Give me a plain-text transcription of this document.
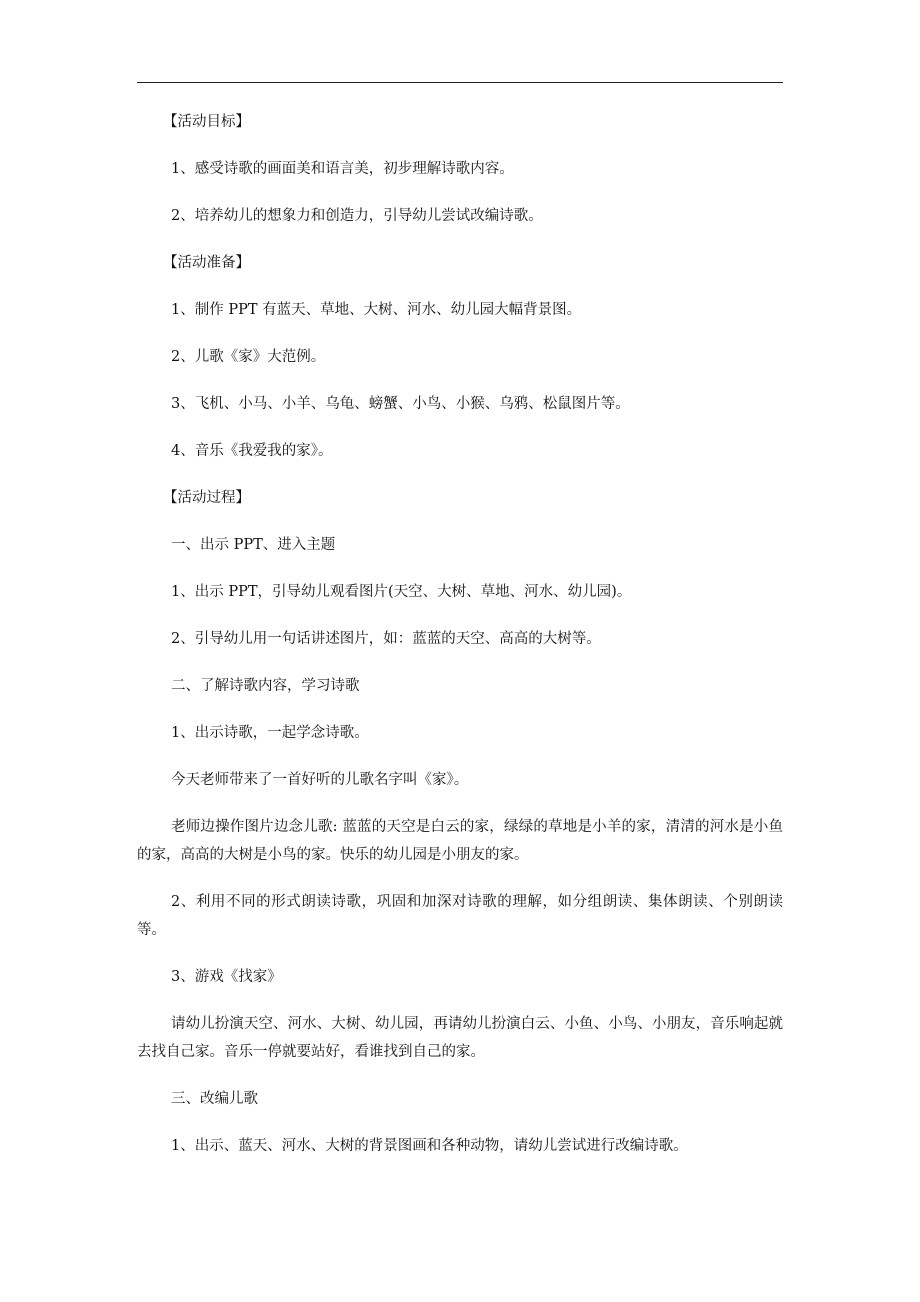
【活动目标】
1、感受诗歌的画面美和语言美，初步理解诗歌内容。
2、培养幼儿的想象力和创造力，引导幼儿尝试改编诗歌。
【活动准备】
1、制作 PPT 有蓝天、草地、大树、河水、幼儿园大幅背景图。
2、儿歌《家》大范例。
3、飞机、小马、小羊、乌龟、螃蟹、小鸟、小猴、乌鸦、松鼠图片等。
4、音乐《我爱我的家》。
【活动过程】
一、出示 PPT、进入主题
1、出示 PPT，引导幼儿观看图片(天空、大树、草地、河水、幼儿园)。
2、引导幼儿用一句话讲述图片，如：蓝蓝的天空、高高的大树等。
二、了解诗歌内容，学习诗歌
1、出示诗歌，一起学念诗歌。
今天老师带来了一首好听的儿歌名字叫《家》。
老师边操作图片边念儿歌: 蓝蓝的天空是白云的家，绿绿的草地是小羊的家，清清的河水是小鱼的家，高高的大树是小鸟的家。快乐的幼儿园是小朋友的家。
2、利用不同的形式朗读诗歌，巩固和加深对诗歌的理解，如分组朗读、集体朗读、个别朗读等。
3、游戏《找家》
请幼儿扮演天空、河水、大树、幼儿园，再请幼儿扮演白云、小鱼、小鸟、小朋友，音乐响起就去找自己家。音乐一停就要站好，看谁找到自己的家。
三、改编儿歌
1、出示、蓝天、河水、大树的背景图画和各种动物，请幼儿尝试进行改编诗歌。
